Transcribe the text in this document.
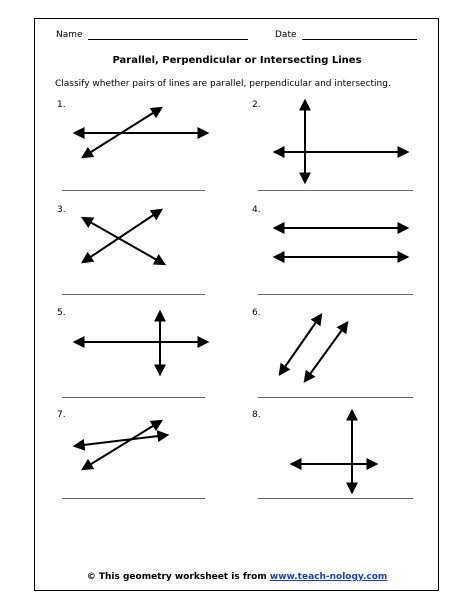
Name	Date
Parallel, Perpendicular or Intersecting Lines
Classify whether pairs of lines are parallel, perpendicular and intersecting.
1.	2.
3.	4.
5.	6.
7.	8.
© This geometry worksheet is from www.teach-nology.com
